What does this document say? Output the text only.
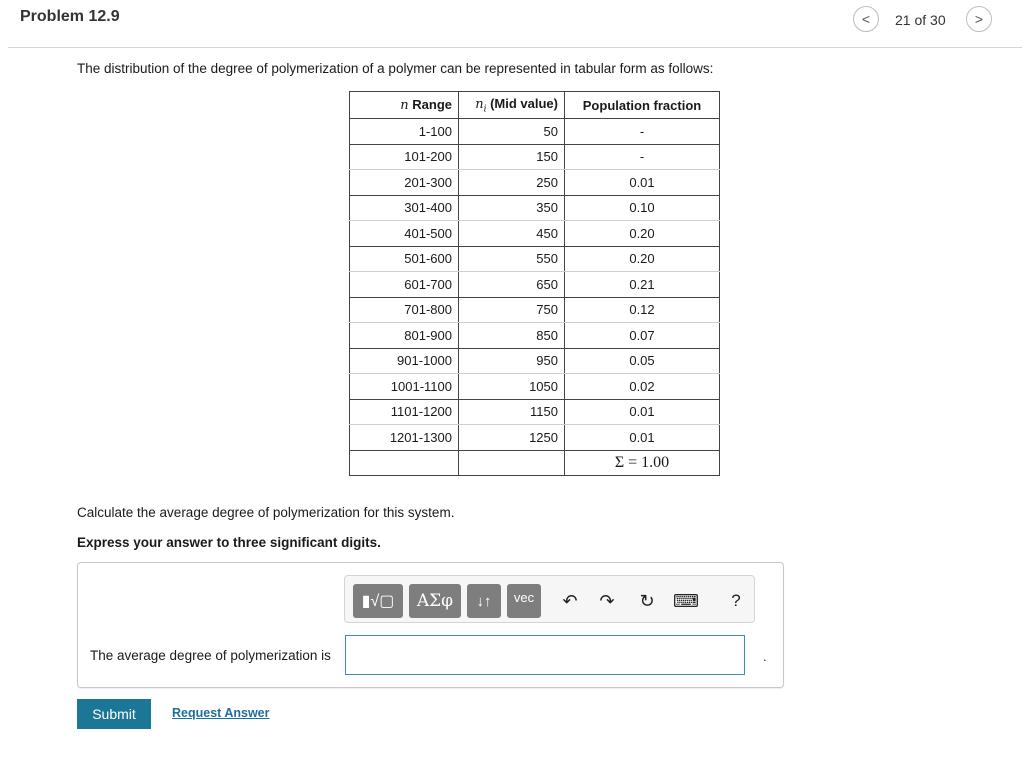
Problem 12.9	< 21 of 30 >
The distribution of the degree of polymerization of a polymer can be represented in tabular form as follows:
n Range	$n_i$ (Mid value)	Population fraction
1-100	50	-
101-200	150	-
201-300	250	0.01
301-400	350	0.10
401-500	450	0.20
501-600	550	0.20
601-700	650	0.21
701-800	750	0.12
801-900	850	0.07
901-1000	950	0.05
1001-1100	1050	0.02
1101-1200	1150	0.01
1201-1300	1250	0.01
		Σ = 1.00
Calculate the average degree of polymerization for this system.
Express your answer to three significant digits.
▮√▢ ΑΣφ ↓↑ vec ↶ ↷ ↻ ⌨ ?
The average degree of polymerization is	.
Submit	Request Answer
